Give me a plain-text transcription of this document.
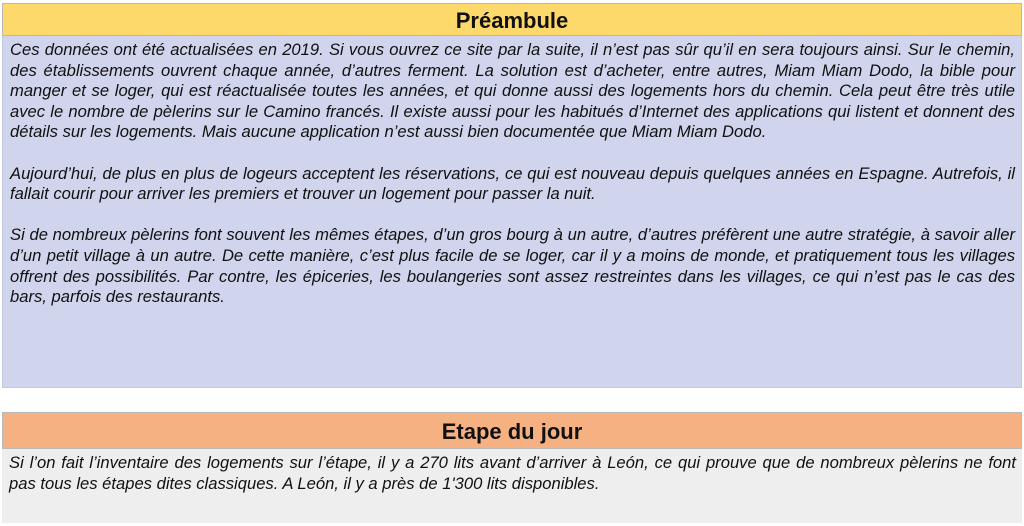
Préambule

Ces données ont été actualisées en 2019. Si vous ouvrez ce site par la suite, il n’est pas sûr qu’il en sera toujours ainsi. Sur le chemin, des établissements ouvrent chaque année, d’autres ferment. La solution est d’acheter, entre autres, Miam Miam Dodo, la bible pour manger et se loger, qui est réactualisée toutes les années, et qui donne aussi des logements hors du chemin. Cela peut être très utile avec le nombre de pèlerins sur le Camino francés. Il existe aussi pour les habitués d’Internet des applications qui listent et donnent des détails sur les logements. Mais aucune application n’est aussi bien documentée que Miam Miam Dodo.

Aujourd’hui, de plus en plus de logeurs acceptent les réservations, ce qui est nouveau depuis quelques années en Espagne. Autrefois, il fallait courir pour arriver les premiers et trouver un logement pour passer la nuit.

Si de nombreux pèlerins font souvent les mêmes étapes, d’un gros bourg à un autre, d’autres préfèrent une autre stratégie, à savoir aller d’un petit village à un autre. De cette manière, c’est plus facile de se loger, car il y a moins de monde, et pratiquement tous les villages offrent des possibilités. Par contre, les épiceries, les boulangeries sont assez restreintes dans les villages, ce qui n’est pas le cas des bars, parfois des restaurants.

Etape du jour

Si l’on fait l’inventaire des logements sur l’étape, il y a 270 lits avant d’arriver à León, ce qui prouve que de nombreux pèlerins ne font pas tous les étapes dites classiques. A León, il y a près de 1'300 lits disponibles.
